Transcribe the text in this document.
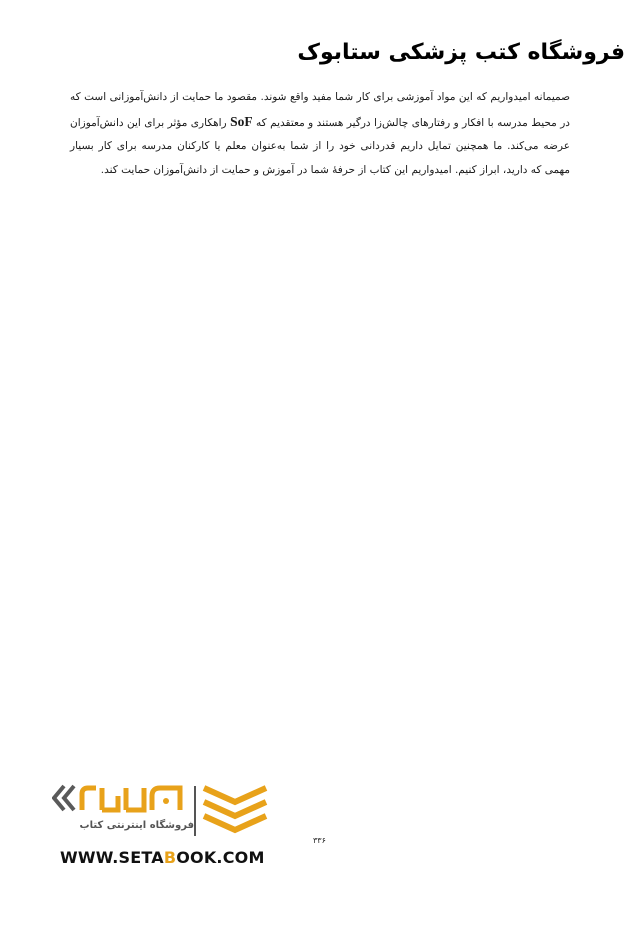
فروشگاه کتب پزشکی ستابوک

صمیمانه امیدواریم که این مواد آموزشی برای کار شما مفید واقع شوند. مقصود ما حمایت از دانش‌آموزانی است که در محیط مدرسه با افکار و رفتارهای چالش‌زا درگیر هستند و معتقدیم که SoF راهکاری مؤثر برای این دانش‌آموزان عرضه می‌کند. ما همچنین تمایل داریم قدردانی خود را از شما به‌عنوان معلم یا کارکنان مدرسه برای کار بسیار مهمی که دارید، ابراز کنیم. امیدواریم این کتاب از حرفهٔ شما در آموزش و حمایت از دانش‌آموزان حمایت کند.

فروشگاه اینترنتی کتاب
WWW.SETABOOK.COM
۳۳۶
